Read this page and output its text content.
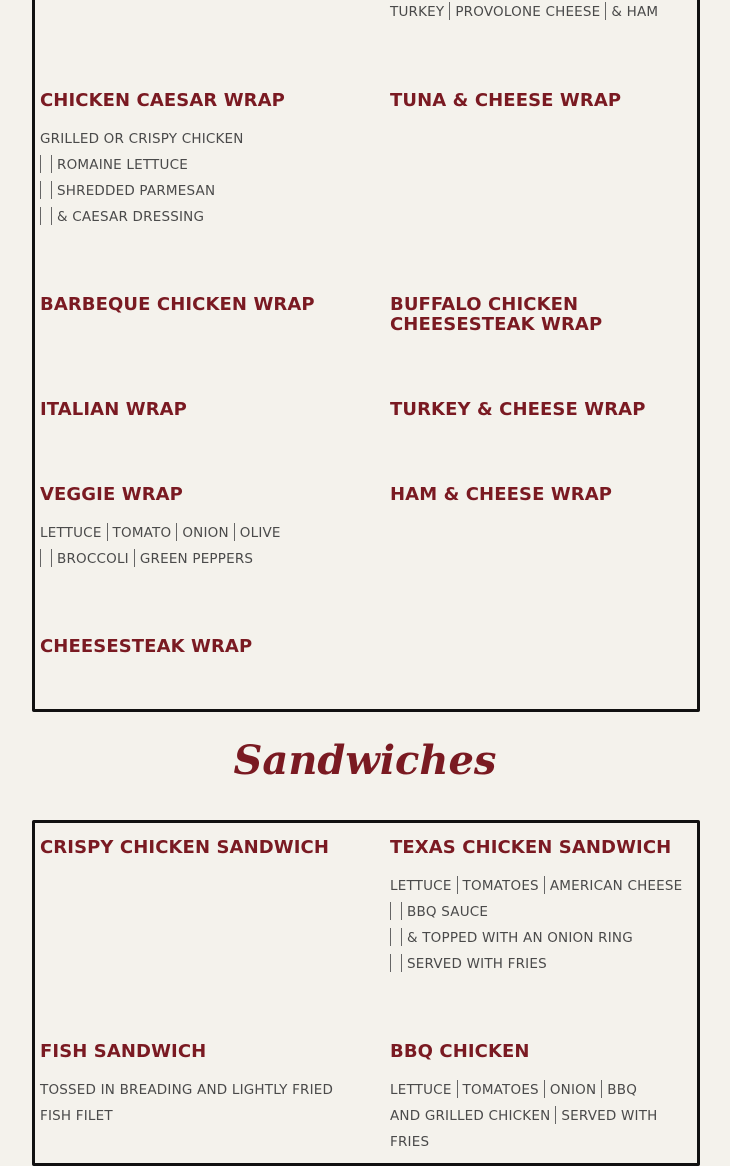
TURKEY PROVOLONE CHEESE & HAM
CHICKEN CAESAR WRAP
GRILLED OR CRISPY CHICKEN
ROMAINE LETTUCE
SHREDDED PARMESAN
& CAESAR DRESSING
TUNA & CHEESE WRAP
BARBEQUE CHICKEN WRAP	BUFFALO CHICKEN CHEESESTEAK WRAP
ITALIAN WRAP	TURKEY & CHEESE WRAP
VEGGIE WRAP
LETTUCE TOMATO ONION OLIVE
BROCCOLI GREEN PEPPERS
HAM & CHEESE WRAP
CHEESESTEAK WRAP
Sandwiches
CRISPY CHICKEN SANDWICH	TEXAS CHICKEN SANDWICH
LETTUCE TOMATOES AMERICAN CHEESE
BBQ SAUCE
& TOPPED WITH AN ONION RING
SERVED WITH FRIES
FISH SANDWICH
TOSSED IN BREADING AND LIGHTLY FRIED
FISH FILET
BBQ CHICKEN
LETTUCE TOMATOES ONION BBQ
AND GRILLED CHICKEN SERVED WITH FRIES
